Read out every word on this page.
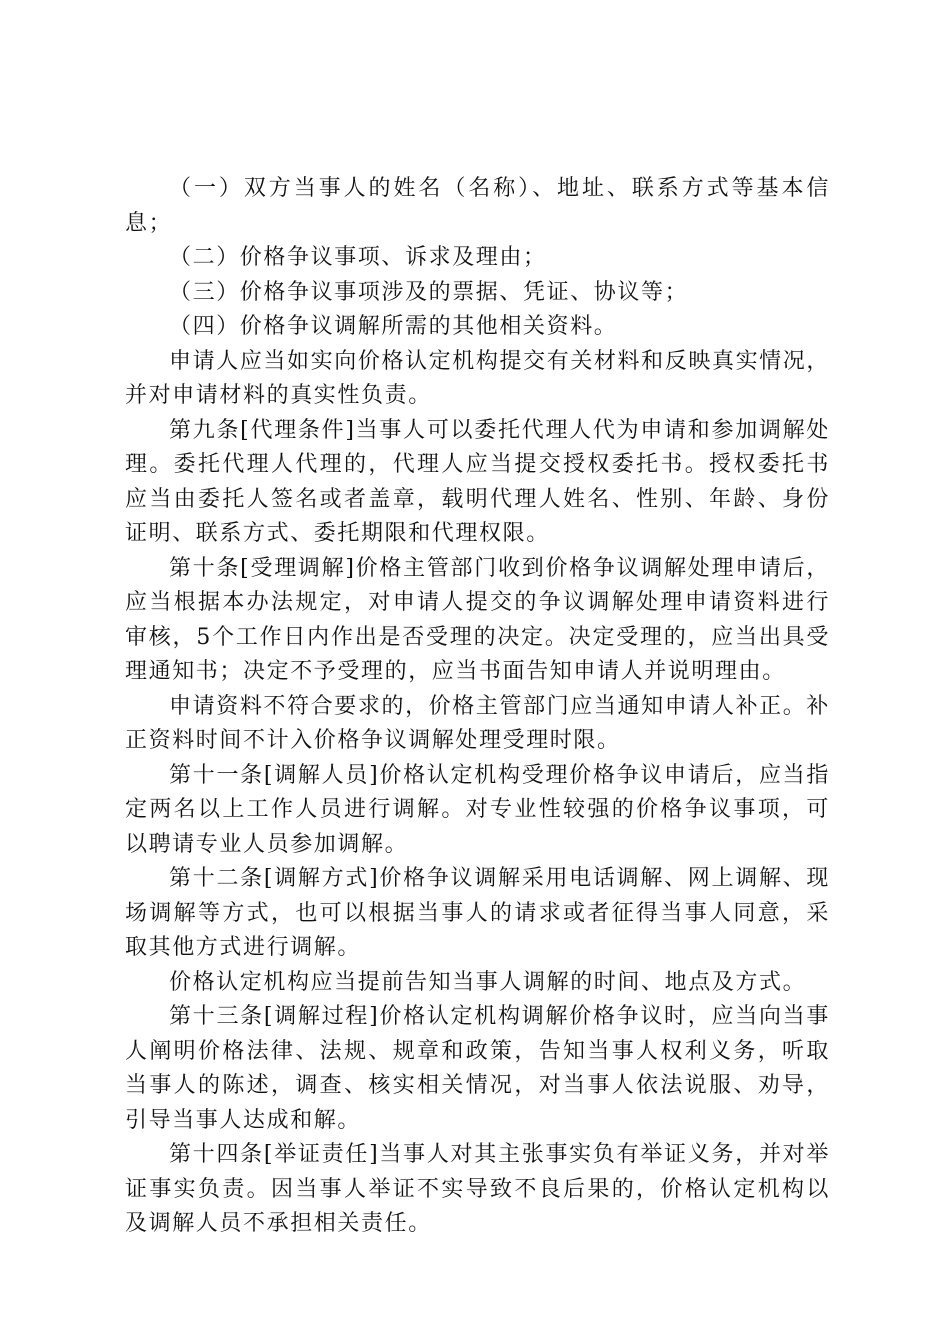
（一）双方当事人的姓名（名称）、地址、联系方式等基本信息；

（二）价格争议事项、诉求及理由；

（三）价格争议事项涉及的票据、凭证、协议等；

（四）价格争议调解所需的其他相关资料。

申请人应当如实向价格认定机构提交有关材料和反映真实情况，并对申请材料的真实性负责。

第九条[代理条件]当事人可以委托代理人代为申请和参加调解处理。委托代理人代理的，代理人应当提交授权委托书。授权委托书应当由委托人签名或者盖章，载明代理人姓名、性别、年龄、身份证明、联系方式、委托期限和代理权限。

第十条[受理调解]价格主管部门收到价格争议调解处理申请后，应当根据本办法规定，对申请人提交的争议调解处理申请资料进行审核，5个工作日内作出是否受理的决定。决定受理的，应当出具受理通知书；决定不予受理的，应当书面告知申请人并说明理由。

申请资料不符合要求的，价格主管部门应当通知申请人补正。补正资料时间不计入价格争议调解处理受理时限。

第十一条[调解人员]价格认定机构受理价格争议申请后，应当指定两名以上工作人员进行调解。对专业性较强的价格争议事项，可以聘请专业人员参加调解。

第十二条[调解方式]价格争议调解采用电话调解、网上调解、现场调解等方式，也可以根据当事人的请求或者征得当事人同意，采取其他方式进行调解。

价格认定机构应当提前告知当事人调解的时间、地点及方式。

第十三条[调解过程]价格认定机构调解价格争议时，应当向当事人阐明价格法律、法规、规章和政策，告知当事人权利义务，听取当事人的陈述，调查、核实相关情况，对当事人依法说服、劝导，引导当事人达成和解。

第十四条[举证责任]当事人对其主张事实负有举证义务，并对举证事实负责。因当事人举证不实导致不良后果的，价格认定机构以及调解人员不承担相关责任。
